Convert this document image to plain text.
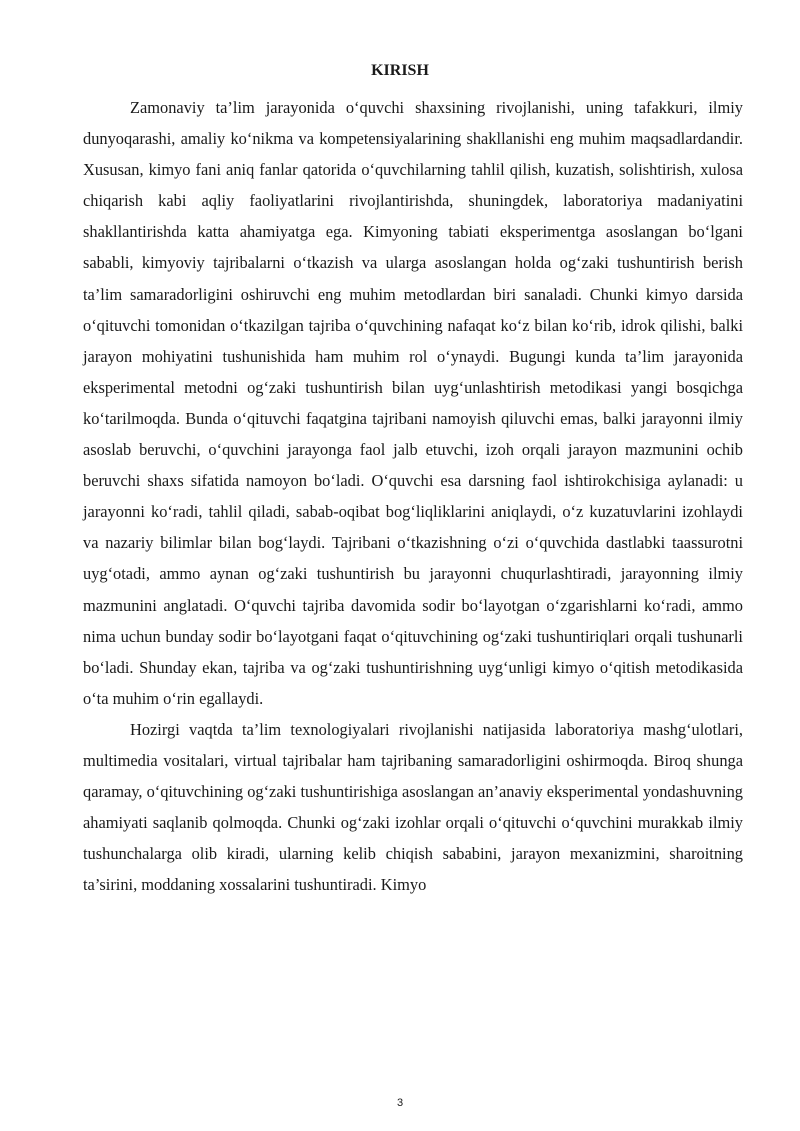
KIRISH

Zamonaviy ta’lim jarayonida o‘quvchi shaxsining rivojlanishi, uning tafakkuri, ilmiy dunyoqarashi, amaliy ko‘nikma va kompetensiyalarining shakllanishi eng muhim maqsadlardandir. Xususan, kimyo fani aniq fanlar qatorida o‘quvchilarning tahlil qilish, kuzatish, solishtirish, xulosa chiqarish kabi aqliy faoliyatlarini rivojlantirishda, shuningdek, laboratoriya madaniyatini shakllantirishda katta ahamiyatga ega. Kimyoning tabiati eksperimentga asoslangan bo‘lgani sababli, kimyoviy tajribalarni o‘tkazish va ularga asoslangan holda og‘zaki tushuntirish berish ta’lim samaradorligini oshiruvchi eng muhim metodlardan biri sanaladi. Chunki kimyo darsida o‘qituvchi tomonidan o‘tkazilgan tajriba o‘quvchining nafaqat ko‘z bilan ko‘rib, idrok qilishi, balki jarayon mohiyatini tushunishida ham muhim rol o‘ynaydi. Bugungi kunda ta’lim jarayonida eksperimental metodni og‘zaki tushuntirish bilan uyg‘unlashtirish metodikasi yangi bosqichga ko‘tarilmoqda. Bunda o‘qituvchi faqatgina tajribani namoyish qiluvchi emas, balki jarayonni ilmiy asoslab beruvchi, o‘quvchini jarayonga faol jalb etuvchi, izoh orqali jarayon mazmunini ochib beruvchi shaxs sifatida namoyon bo‘ladi. O‘quvchi esa darsning faol ishtirokchisiga aylanadi: u jarayonni ko‘radi, tahlil qiladi, sabab-oqibat bog‘liqliklarini aniqlaydi, o‘z kuzatuvlarini izohlaydi va nazariy bilimlar bilan bog‘laydi. Tajribani o‘tkazishning o‘zi o‘quvchida dastlabki taassurotni uyg‘otadi, ammo aynan og‘zaki tushuntirish bu jarayonni chuqurlashtiradi, jarayonning ilmiy mazmunini anglatadi. O‘quvchi tajriba davomida sodir bo‘layotgan o‘zgarishlarni ko‘radi, ammo nima uchun bunday sodir bo‘layotgani faqat o‘qituvchining og‘zaki tushuntiriqlari orqali tushunarli bo‘ladi. Shunday ekan, tajriba va og‘zaki tushuntirishning uyg‘unligi kimyo o‘qitish metodikasida o‘ta muhim o‘rin egallaydi.

Hozirgi vaqtda ta’lim texnologiyalari rivojlanishi natijasida laboratoriya mashg‘ulotlari, multimedia vositalari, virtual tajribalar ham tajribaning samaradorligini oshirmoqda. Biroq shunga qaramay, o‘qituvchining og‘zaki tushuntirishiga asoslangan an’anaviy eksperimental yondashuvning ahamiyati saqlanib qolmoqda. Chunki og‘zaki izohlar orqali o‘qituvchi o‘quvchini murakkab ilmiy tushunchalarga olib kiradi, ularning kelib chiqish sababini, jarayon mexanizmini, sharoitning ta’sirini, moddaning xossalarini tushuntiradi. Kimyo

3
